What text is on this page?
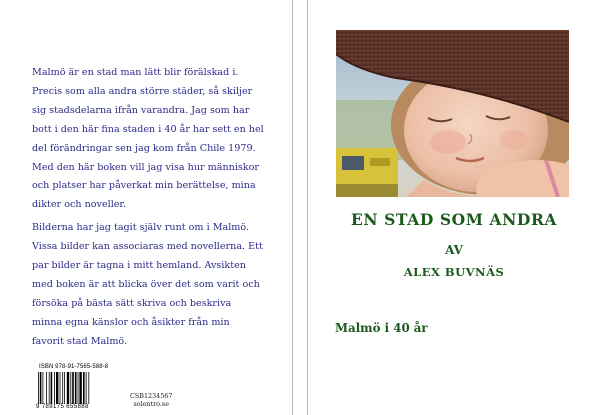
Malmö är en stad man lätt blir förälskad i. Precis som alla andra större städer, så skiljer sig stadsdelarna ifrån varandra. Jag som har bott i den här fina staden i 40 år har sett en hel del förändringar sen jag kom från Chile 1979. Med den här boken vill jag visa hur människor och platser har påverkat min berättelse, mina dikter och noveller.

Bilderna har jag tagit själv runt om i Malmö. Vissa bilder kan associaras med novellerna. Ett par bilder är tagna i mitt hemland. Avsikten med boken är att blicka över det som varit och försöka på bästa sätt skriva och beskriva minna egna känslor och åsikter från min favorit stad Malmö.

ISBN 978-91-7565-588-8
9 789175 655888
CSB1234567
solentro.se
EN STAD SOM ANDRA
AV
ALEX BUVNÄS
Malmö i 40 år
